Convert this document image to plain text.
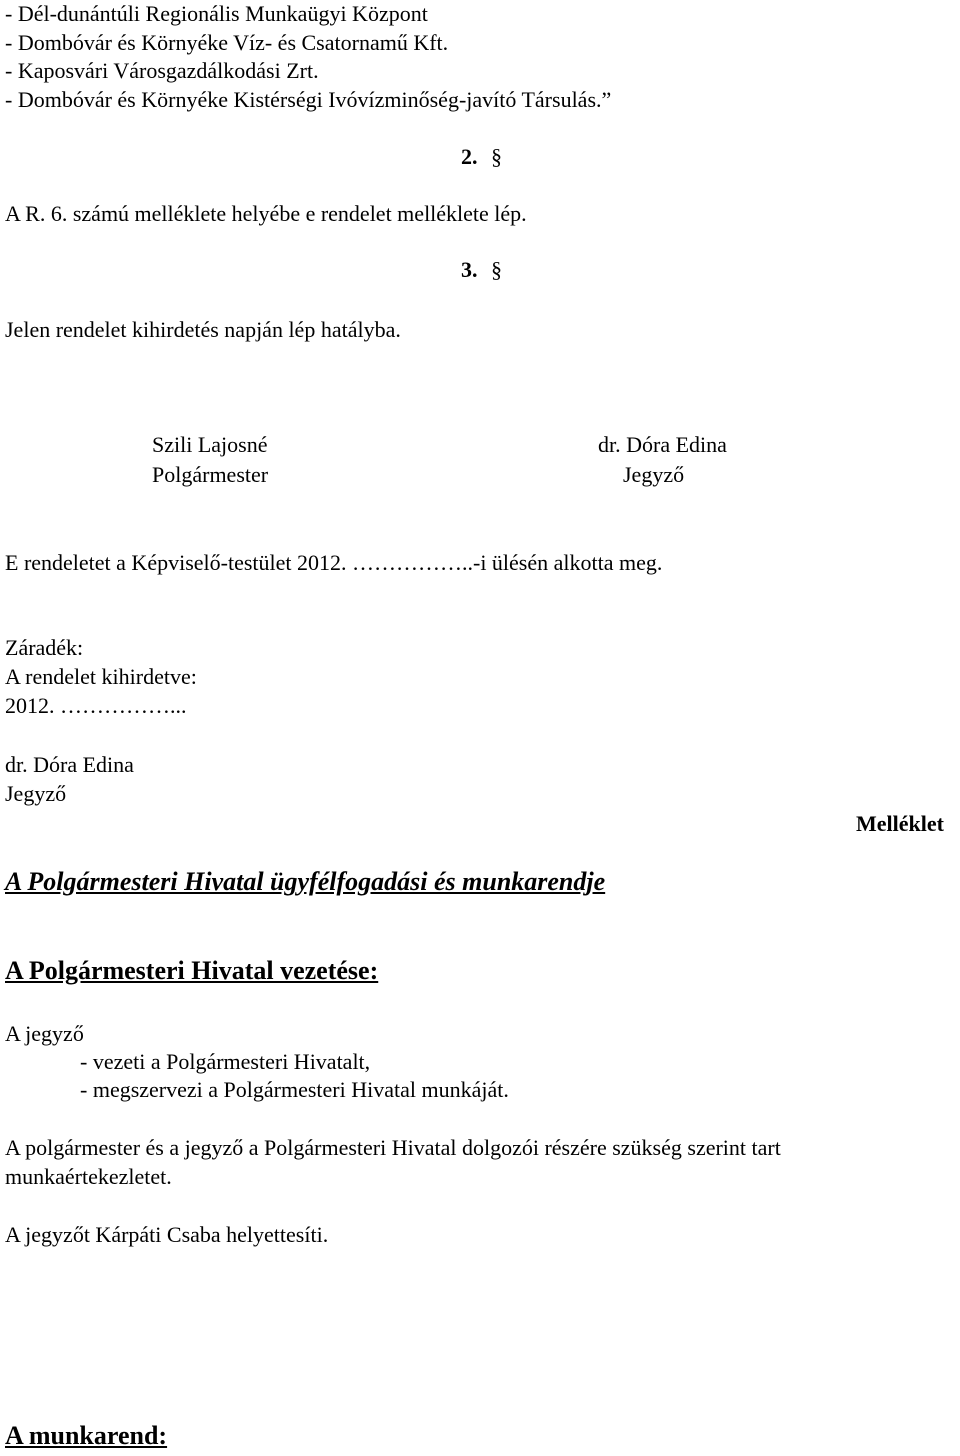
- Dél-dunántúli Regionális Munkaügyi Központ
- Dombóvár és Környéke Víz- és Csatornamű Kft.
- Kaposvári Városgazdálkodási Zrt.
- Dombóvár és Környéke Kistérségi Ivóvízminőség-javító Társulás.”
2. §
A R. 6. számú melléklete helyébe e rendelet melléklete lép.
3. §
Jelen rendelet kihirdetés napján lép hatályba.
Szili Lajosné
Polgármester
dr. Dóra Edina
Jegyző
E rendeletet a Képviselő-testület 2012. ……………..-i ülésén alkotta meg.
Záradék:
A rendelet kihirdetve:
2012. ……………...
dr. Dóra Edina
Jegyző
Melléklet
A Polgármesteri Hivatal ügyfélfogadási és munkarendje
A Polgármesteri Hivatal vezetése:
A jegyző
- vezeti a Polgármesteri Hivatalt,
- megszervezi a Polgármesteri Hivatal munkáját.
A polgármester és a jegyző a Polgármesteri Hivatal dolgozói részére szükség szerint tart
munkaértekezletet.
A jegyzőt Kárpáti Csaba helyettesíti.
A munkarend:
